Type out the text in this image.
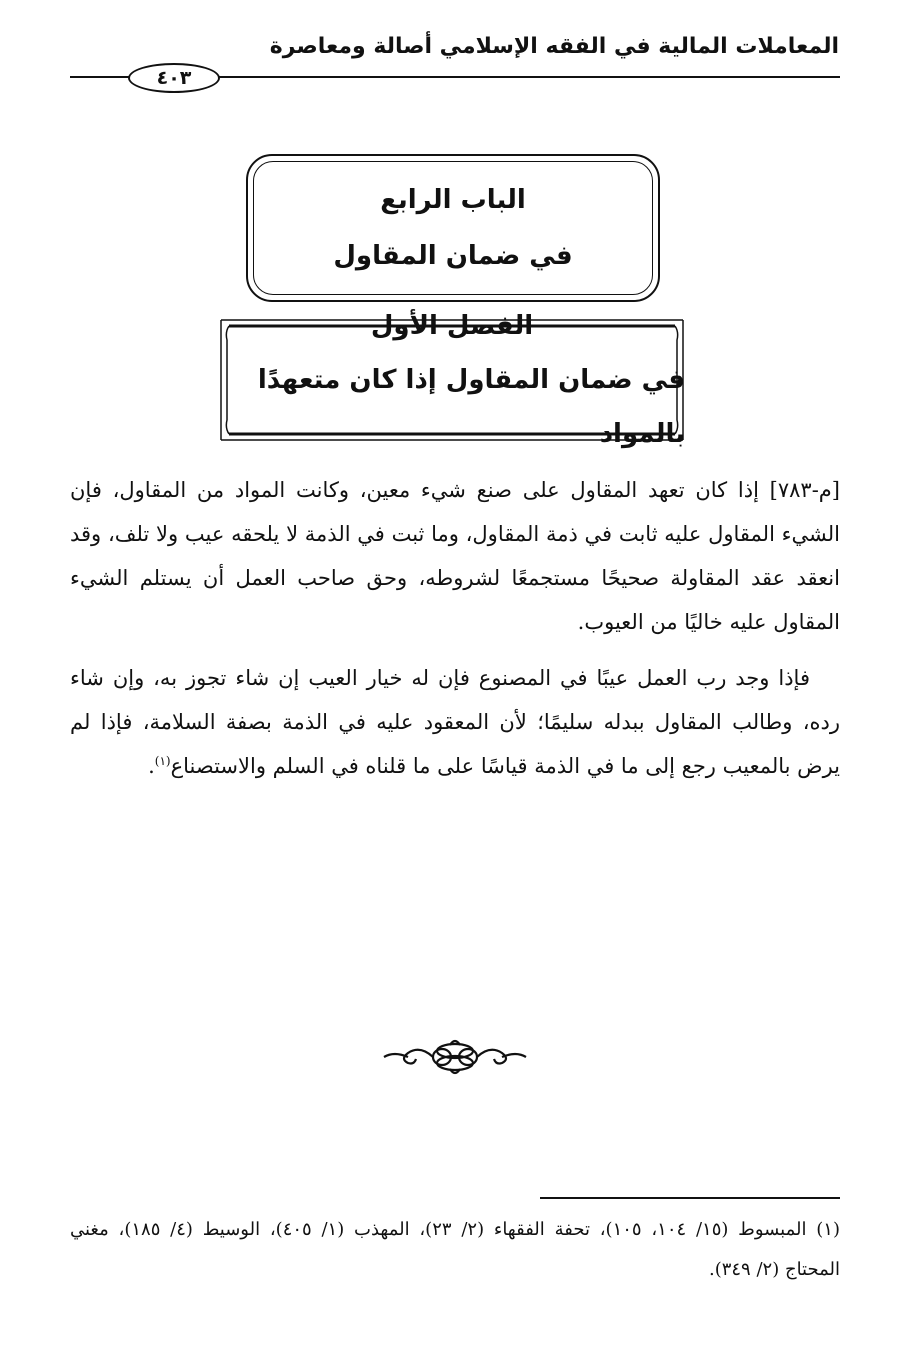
المعاملات المالية في الفقه الإسلامي أصالة ومعاصرة
٤٠٣
الباب الرابع
في ضمان المقاول
الفصل الأول
في ضمان المقاول إذا كان متعهدًا بالمواد

[م-٧٨٣] إذا كان تعهد المقاول على صنع شيء معين، وكانت المواد من المقاول، فإن الشيء المقاول عليه ثابت في ذمة المقاول، وما ثبت في الذمة لا يلحقه عيب ولا تلف، وقد انعقد عقد المقاولة صحيحًا مستجمعًا لشروطه، وحق صاحب العمل أن يستلم الشيء المقاول عليه خاليًا من العيوب.

فإذا وجد رب العمل عيبًا في المصنوع فإن له خيار العيب إن شاء تجوز به، وإن شاء رده، وطالب المقاول ببدله سليمًا؛ لأن المعقود عليه في الذمة بصفة السلامة، فإذا لم يرض بالمعيب رجع إلى ما في الذمة قياسًا على ما قلناه في السلم والاستصناع$^{(١)}$.

(١) المبسوط (١٥/ ١٠٤، ١٠٥)، تحفة الفقهاء (٢/ ٢٣)، المهذب (١/ ٤٠٥)، الوسيط (٤/ ١٨٥)، مغني المحتاج (٢/ ٣٤٩).
